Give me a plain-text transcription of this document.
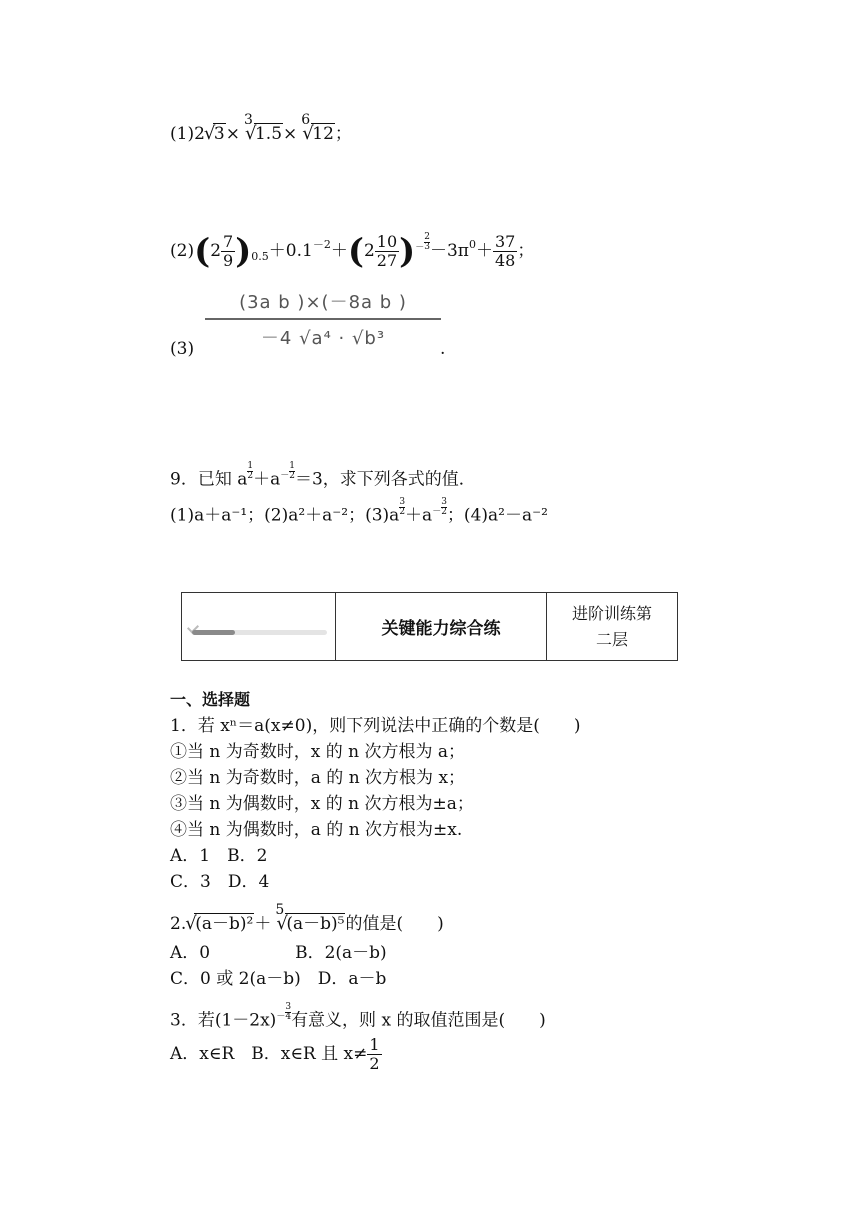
(1)2 √
3×
3
√
1.5×
6
√
12；
$(2)(2 \frac{7}{9} )_{0.5}+0.1^{-2}+(2 \frac{10}{27} )^- \frac{2}{3} -3\pi^0+ \frac{37}{48}$ ；
$(3) \frac{\text{(3a b )×(－8a b )}}{\text{－4 √a⁴ · √b³}}$ .
9．已知 a $\frac{1}{2} +a^- \frac{1}{2} =3$，求下列各式的值．
(1)a＋a⁻¹；(2)a²＋a⁻²；$(3)a \frac{3}{2} +a^- \frac{3}{2}$ ；(4)a²－a⁻²
关键能力综合练
进阶训练第
二层
一、选择题
1．若 xⁿ＝a(x≠0)，则下列说法中正确的个数是(　　)
①当 n 为奇数时，x 的 n 次方根为 a；
②当 n 为奇数时，a 的 n 次方根为 x；
③当 n 为偶数时，x 的 n 次方根为±a；
④当 n 为偶数时，a 的 n 次方根为±x.
A．1　B．2
C．3　D．4
2. √
(a－b)²＋
5
√
(a－b)⁵的值是(　　)
A．0　　　　　B．2(a－b)
C．0 或 2(a－b)　D．a－b
3．若$(1-2x)^- \frac{3}{4}$ 有意义，则 x 的取值范围是(　　)
A．x∈R　B．x∈R 且 $x\ne \frac{1}{2}$
